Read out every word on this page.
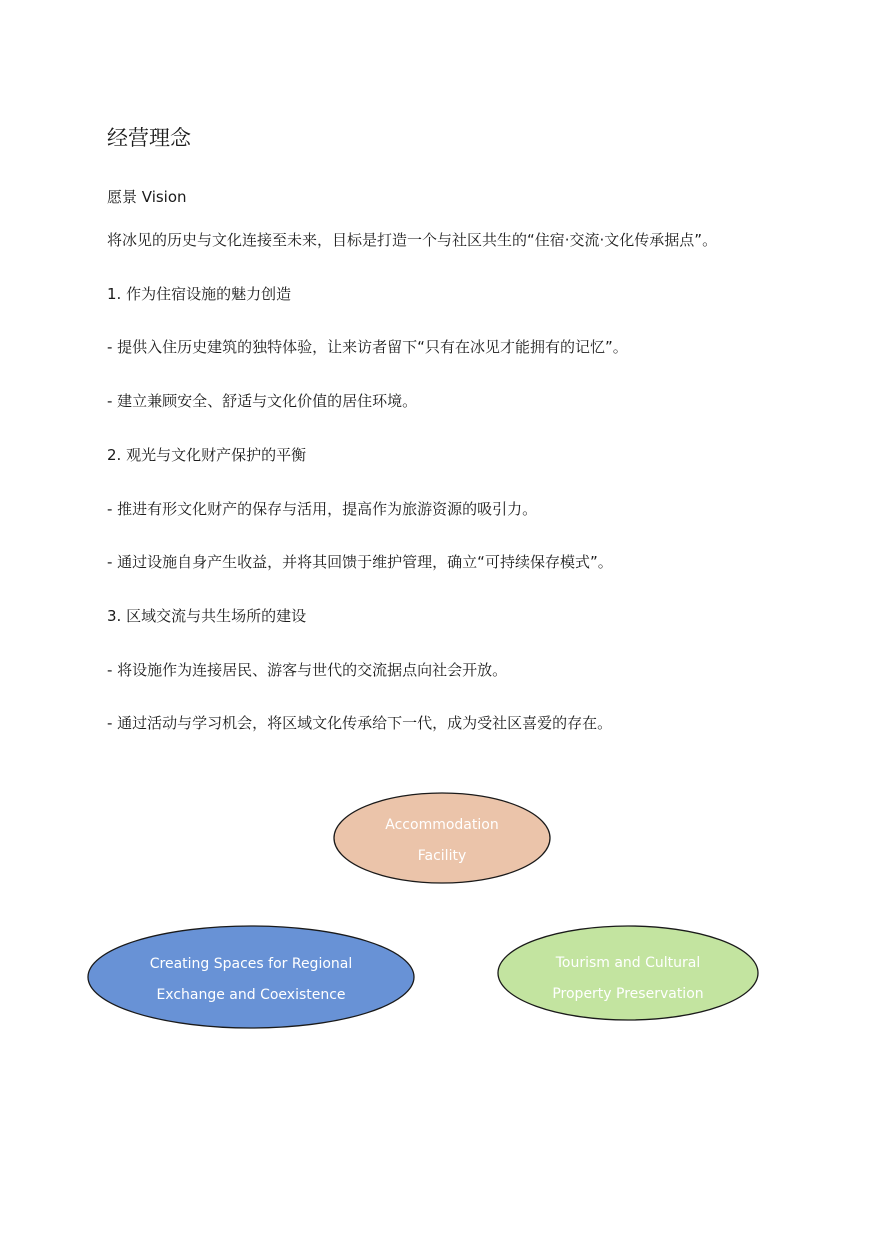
经营理念

愿景 Vision

将冰见的历史与文化连接至未来，目标是打造一个与社区共生的“住宿·交流·文化传承据点”。

1. 作为住宿设施的魅力创造

- 提供入住历史建筑的独特体验，让来访者留下“只有在冰见才能拥有的记忆”。

- 建立兼顾安全、舒适与文化价值的居住环境。

2. 观光与文化财产保护的平衡

- 推进有形文化财产的保存与活用，提高作为旅游资源的吸引力。

- 通过设施自身产生收益，并将其回馈于维护管理，确立“可持续保存模式”。

3. 区域交流与共生场所的建设

- 将设施作为连接居民、游客与世代的交流据点向社会开放。

- 通过活动与学习机会，将区域文化传承给下一代，成为受社区喜爱的存在。

Accommodation
Facility
Creating Spaces for Regional
Exchange and Coexistence
Tourism and Cultural
Property Preservation
